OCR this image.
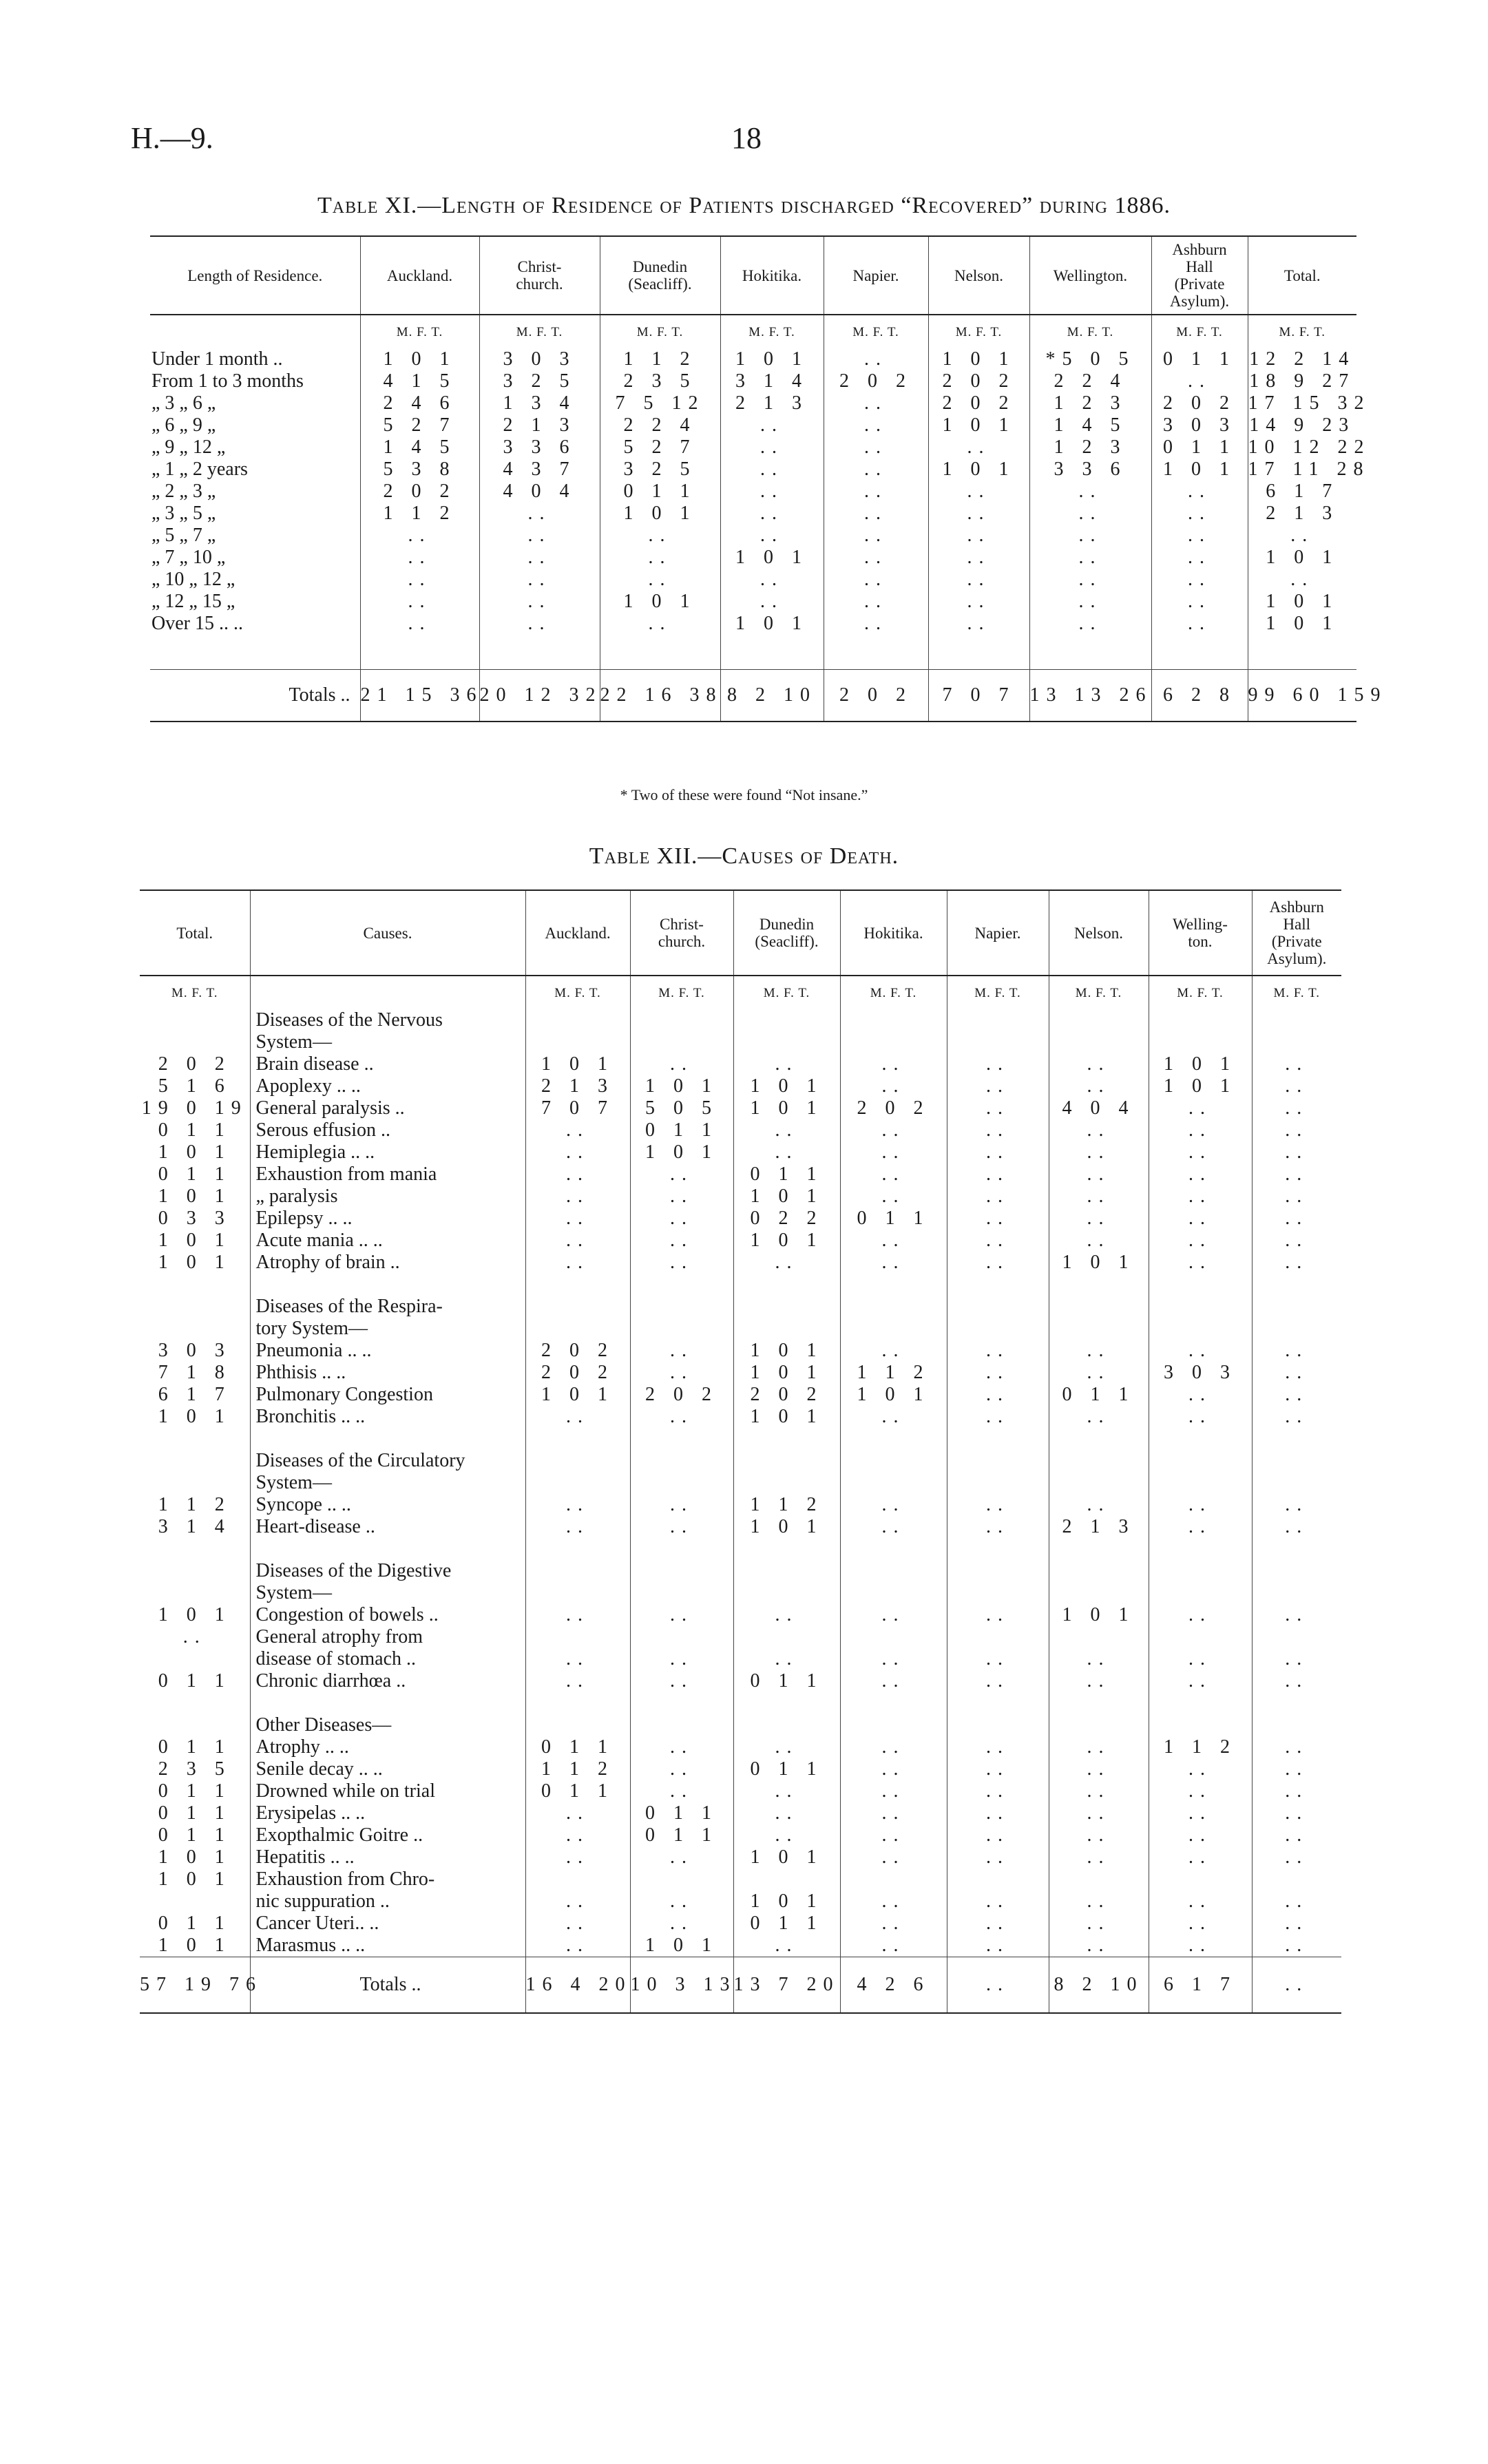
H.—9.	18
Table XI.—Length of Residence of Patients discharged “Recovered” during 1886.
Length of Residence.	Auckland.	Christ-church.	Dunedin (Seacliff).	Hokitika.	Napier.	Nelson.	Wellington.	Ashburn Hall (Private Asylum).	Total.
	M. F. T.	M. F. T.	M. F. T.	M. F. T.	M. F. T.	M. F. T.	M. F. T.	M. F. T.	M. F. T.
Under 1 month ..	1 0 1	3 0 3	1 1 2	1 0 1	..	1 0 1	*5 0 5	0 1 1	12 2 14
From 1 to 3 months	4 1 5	3 2 5	2 3 5	3 1 4	2 0 2	2 0 2	2 2 4	..	18 9 27
„ 3 „ 6 „	2 4 6	1 3 4	7 5 12	2 1 3	..	2 0 2	1 2 3	2 0 2	17 15 32
„ 6 „ 9 „	5 2 7	2 1 3	2 2 4	..	..	1 0 1	1 4 5	3 0 3	14 9 23
„ 9 „ 12 „	1 4 5	3 3 6	5 2 7	..	..	..	1 2 3	0 1 1	10 12 22
„ 1 „ 2 years	5 3 8	4 3 7	3 2 5	..	..	1 0 1	3 3 6	1 0 1	17 11 28
„ 2 „ 3 „	2 0 2	4 0 4	0 1 1	..	..	..	..	..	6 1 7
„ 3 „ 5 „	1 1 2	..	1 0 1	..	..	..	..	..	2 1 3
„ 5 „ 7 „	..	..	..	..	..	..	..	..	..
„ 7 „ 10 „	..	..	..	1 0 1	..	..	..	..	1 0 1
„ 10 „ 12 „	..	..	..	..	..	..	..	..	..
„ 12 „ 15 „	..	..	1 0 1	..	..	..	..	..	1 0 1
Over 15 .. ..	..	..	..	1 0 1	..	..	..	..	1 0 1

Totals ..	21 15 36	20 12 32	22 16 38	8 2 10	2 0 2	7 0 7	13 13 26	6 2 8	99 60 159
* Two of these were found “Not insane.”
Table XII.—Causes of Death.
Total.	Causes.	Auckland.	Christ-church.	Dunedin (Seacliff).	Hokitika.	Napier.	Nelson.	Welling-ton.	Ashburn Hall (Private Asylum).
M. F. T.		M. F. T.	M. F. T.	M. F. T.	M. F. T.	M. F. T.	M. F. T.	M. F. T.	M. F. T.
	Diseases of the Nervous								
	System—								
2 0 2	Brain disease ..	1 0 1	..	..	..	..	..	1 0 1	..
5 1 6	Apoplexy .. ..	2 1 3	1 0 1	1 0 1	..	..	..	1 0 1	..
19 0 19	General paralysis ..	7 0 7	5 0 5	1 0 1	2 0 2	..	4 0 4	..	..
0 1 1	Serous effusion ..	..	0 1 1	..	..	..	..	..	..
1 0 1	Hemiplegia .. ..	..	1 0 1	..	..	..	..	..	..
0 1 1	Exhaustion from mania	..	..	0 1 1	..	..	..	..	..
1 0 1	„ paralysis	..	..	1 0 1	..	..	..	..	..
0 3 3	Epilepsy .. ..	..	..	0 2 2	0 1 1	..	..	..	..
1 0 1	Acute mania .. ..	..	..	1 0 1	..	..	..	..	..
1 0 1	Atrophy of brain ..	..	..	..	..	..	1 0 1	..	..

	Diseases of the Respira-								
	tory System—								
3 0 3	Pneumonia .. ..	2 0 2	..	1 0 1	..	..	..	..	..
7 1 8	Phthisis .. ..	2 0 2	..	1 0 1	1 1 2	..	..	3 0 3	..
6 1 7	Pulmonary Congestion	1 0 1	2 0 2	2 0 2	1 0 1	..	0 1 1	..	..
1 0 1	Bronchitis .. ..	..	..	1 0 1	..	..	..	..	..

	Diseases of the Circulatory								
	System—								
1 1 2	Syncope .. ..	..	..	1 1 2	..	..	..	..	..
3 1 4	Heart-disease ..	..	..	1 0 1	..	..	2 1 3	..	..

	Diseases of the Digestive								
	System—								
1 0 1	Congestion of bowels ..	..	..	..	..	..	1 0 1	..	..
..	General atrophy from								
	disease of stomach ..	..	..	..	..	..	..	..	..
0 1 1	Chronic diarrhœa ..	..	..	0 1 1	..	..	..	..	..

	Other Diseases—								
0 1 1	Atrophy .. ..	0 1 1	..	..	..	..	..	1 1 2	..
2 3 5	Senile decay .. ..	1 1 2	..	0 1 1	..	..	..	..	..
0 1 1	Drowned while on trial	0 1 1	..	..	..	..	..	..	..
0 1 1	Erysipelas .. ..	..	0 1 1	..	..	..	..	..	..
0 1 1	Exopthalmic Goitre ..	..	0 1 1	..	..	..	..	..	..
1 0 1	Hepatitis .. ..	..	..	1 0 1	..	..	..	..	..
1 0 1	Exhaustion from Chro-								
	nic suppuration ..	..	..	1 0 1	..	..	..	..	..
0 1 1	Cancer Uteri.. ..	..	..	0 1 1	..	..	..	..	..
1 0 1	Marasmus .. ..	..	1 0 1	..	..	..	..	..	..
57 19 76	Totals ..	16 4 20	10 3 13	13 7 20	4 2 6	..	8 2 10	6 1 7	..
